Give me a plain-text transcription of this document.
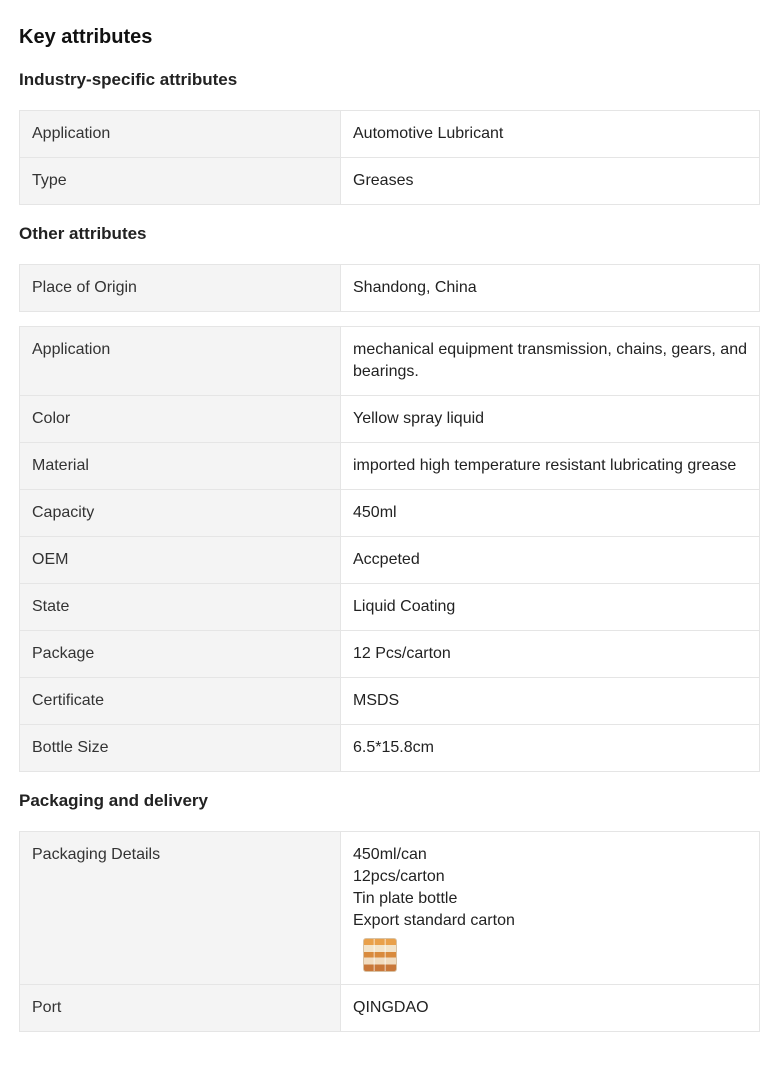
Key attributes
Industry-specific attributes
Application	Automotive Lubricant
Type	Greases
Other attributes
Place of Origin	Shandong, China
Application	mechanical equipment transmission, chains, gears, and bearings.
Color	Yellow spray liquid
Material	imported high temperature resistant lubricating grease
Capacity	450ml
OEM	Accpeted
State	Liquid Coating
Package	12 Pcs/carton
Certificate	MSDS
Bottle Size	6.5*15.8cm
Packaging and delivery
Packaging Details	450ml/can
12pcs/carton
Tin plate bottle
Export standard carton

Port	QINGDAO
